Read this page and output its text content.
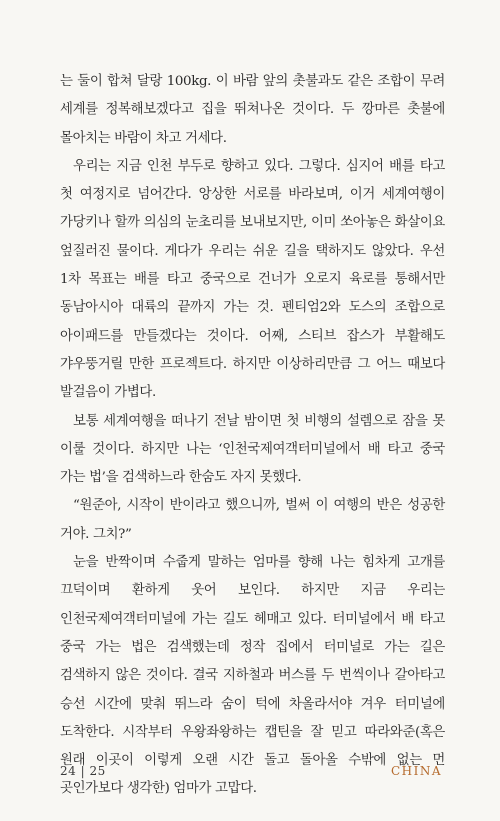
는 둘이 합쳐 달랑 100kg. 이 바람 앞의 촛불과도 같은 조합이 무려 세계를 정복해보겠다고 집을 뛰쳐나온 것이다. 두 깡마른 촛불에 몰아치는 바람이 차고 거세다.

우리는 지금 인천 부두로 향하고 있다. 그렇다. 심지어 배를 타고 첫 여정지로 넘어간다. 앙상한 서로를 바라보며, 이거 세계여행이 가당키나 할까 의심의 눈초리를 보내보지만, 이미 쏘아놓은 화살이요 엎질러진 물이다. 게다가 우리는 쉬운 길을 택하지도 않았다. 우선 1차 목표는 배를 타고 중국으로 건너가 오로지 육로를 통해서만 동남아시아 대륙의 끝까지 가는 것. 펜티엄2와 도스의 조합으로 아이패드를 만들겠다는 것이다. 어째, 스티브 잡스가 부활해도 갸우뚱거릴 만한 프로젝트다. 하지만 이상하리만큼 그 어느 때보다 발걸음이 가볍다.

보통 세계여행을 떠나기 전날 밤이면 첫 비행의 설렘으로 잠을 못 이룰 것이다. 하지만 나는 ‘인천국제여객터미널에서 배 타고 중국 가는 법’을 검색하느라 한숨도 자지 못했다.

“원준아, 시작이 반이라고 했으니까, 벌써 이 여행의 반은 성공한 거야. 그치?”

눈을 반짝이며 수줍게 말하는 엄마를 향해 나는 힘차게 고개를 끄덕이며 환하게 웃어 보인다. 하지만 지금 우리는 인천국제여객터미널에 가는 길도 헤매고 있다. 터미널에서 배 타고 중국 가는 법은 검색했는데 정작 집에서 터미널로 가는 길은 검색하지 않은 것이다. 결국 지하철과 버스를 두 번씩이나 갈아타고 승선 시간에 맞춰 뛰느라 숨이 턱에 차올라서야 겨우 터미널에 도착한다. 시작부터 우왕좌왕하는 캡틴을 잘 믿고 따라와준(혹은 원래 이곳이 이렇게 오랜 시간 돌고 돌아올 수밖에 없는 먼 곳인가보다 생각한) 엄마가 고맙다.

24 | 25	CHINA
